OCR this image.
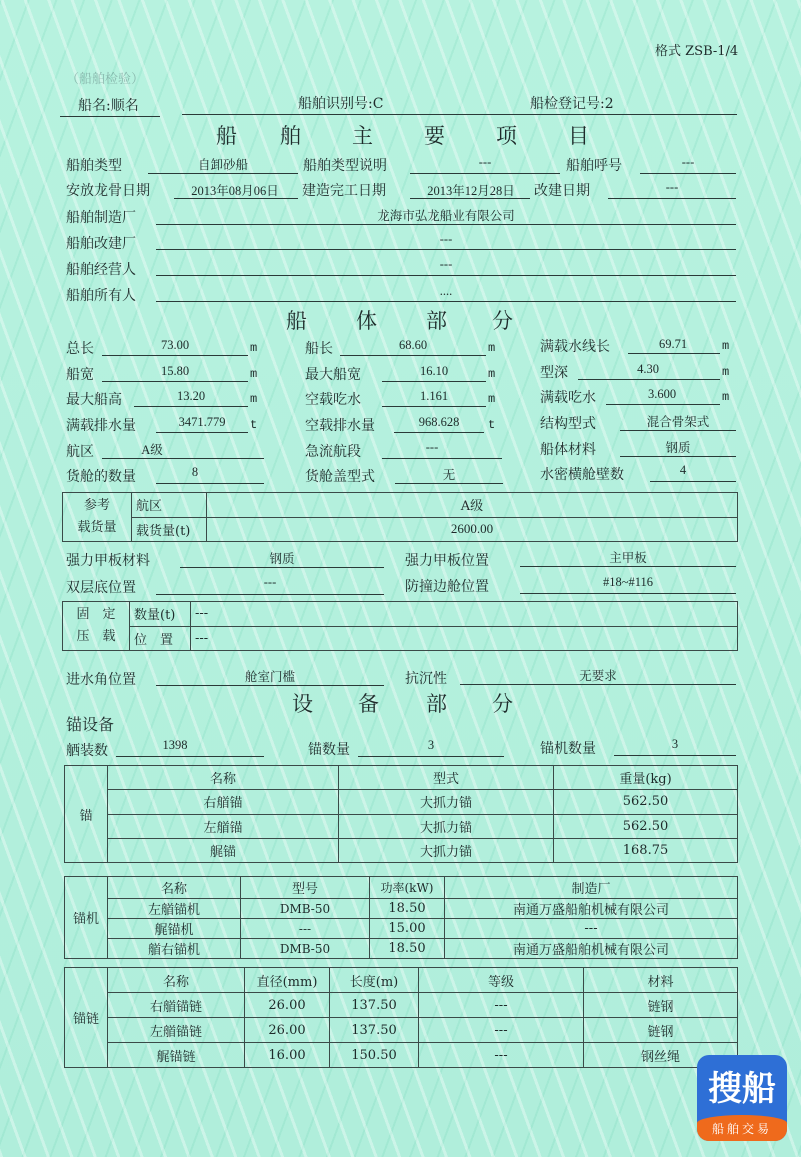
格式 ZSB-1/4
（船舶检验）
船名:顺名	船舶识别号:C	船检登记号:2
船 舶 主 要 项 目
船舶类型	自卸砂船	船舶类型说明	---	船舶呼号	---
安放龙骨日期	2013年08月06日	建造完工日期	2013年12月28日	改建日期	---
船舶制造厂	龙海市弘龙船业有限公司
船舶改建厂	---
船舶经营人	---
船舶所有人	....
船 体 部 分
总长	73.00	m	船长	68.60	m	满载水线长	69.71	m
船宽	15.80	m	最大船宽	16.10	m	型深	4.30	m
最大船高	13.20	m	空载吃水	1.161	m	满载吃水	3.600	m
满载排水量	3471.779	t	空载排水量	968.628	t	结构型式	混合骨架式
航区	A级	急流航段	---	船体材料	钢质
货舱的数量	8	货舱盖型式	无	水密横舱壁数	4
参考
载货量	航区	A级
	载货量(t)	2600.00
强力甲板材料	钢质	强力甲板位置	主甲板
双层底位置	---	防撞边舱位置	#18~#116
固　定
压　载	数量(t)	---
	位　置	---
进水角位置	舱室门槛	抗沉性	无要求
设 备 部 分
锚设备
舾装数	1398	锚数量	3	锚机数量	3
锚	名称	型式	重量(kg)
	右艏锚	大抓力锚	562.50
	左艏锚	大抓力锚	562.50
	艉锚	大抓力锚	168.75
锚机	名称	型号	功率(kW)	制造厂
	左艏锚机	DMB-50	18.50	南通万盛船舶机械有限公司
	艉锚机	---	15.00	---
	艏右锚机	DMB-50	18.50	南通万盛船舶机械有限公司
锚链	名称	直径(mm)	长度(m)	等级	材料
	右艏锚链	26.00	137.50	---	链钢
	左艏锚链	26.00	137.50	---	链钢
	艉锚链	16.00	150.50	---	钢丝绳
搜船
船舶交易
